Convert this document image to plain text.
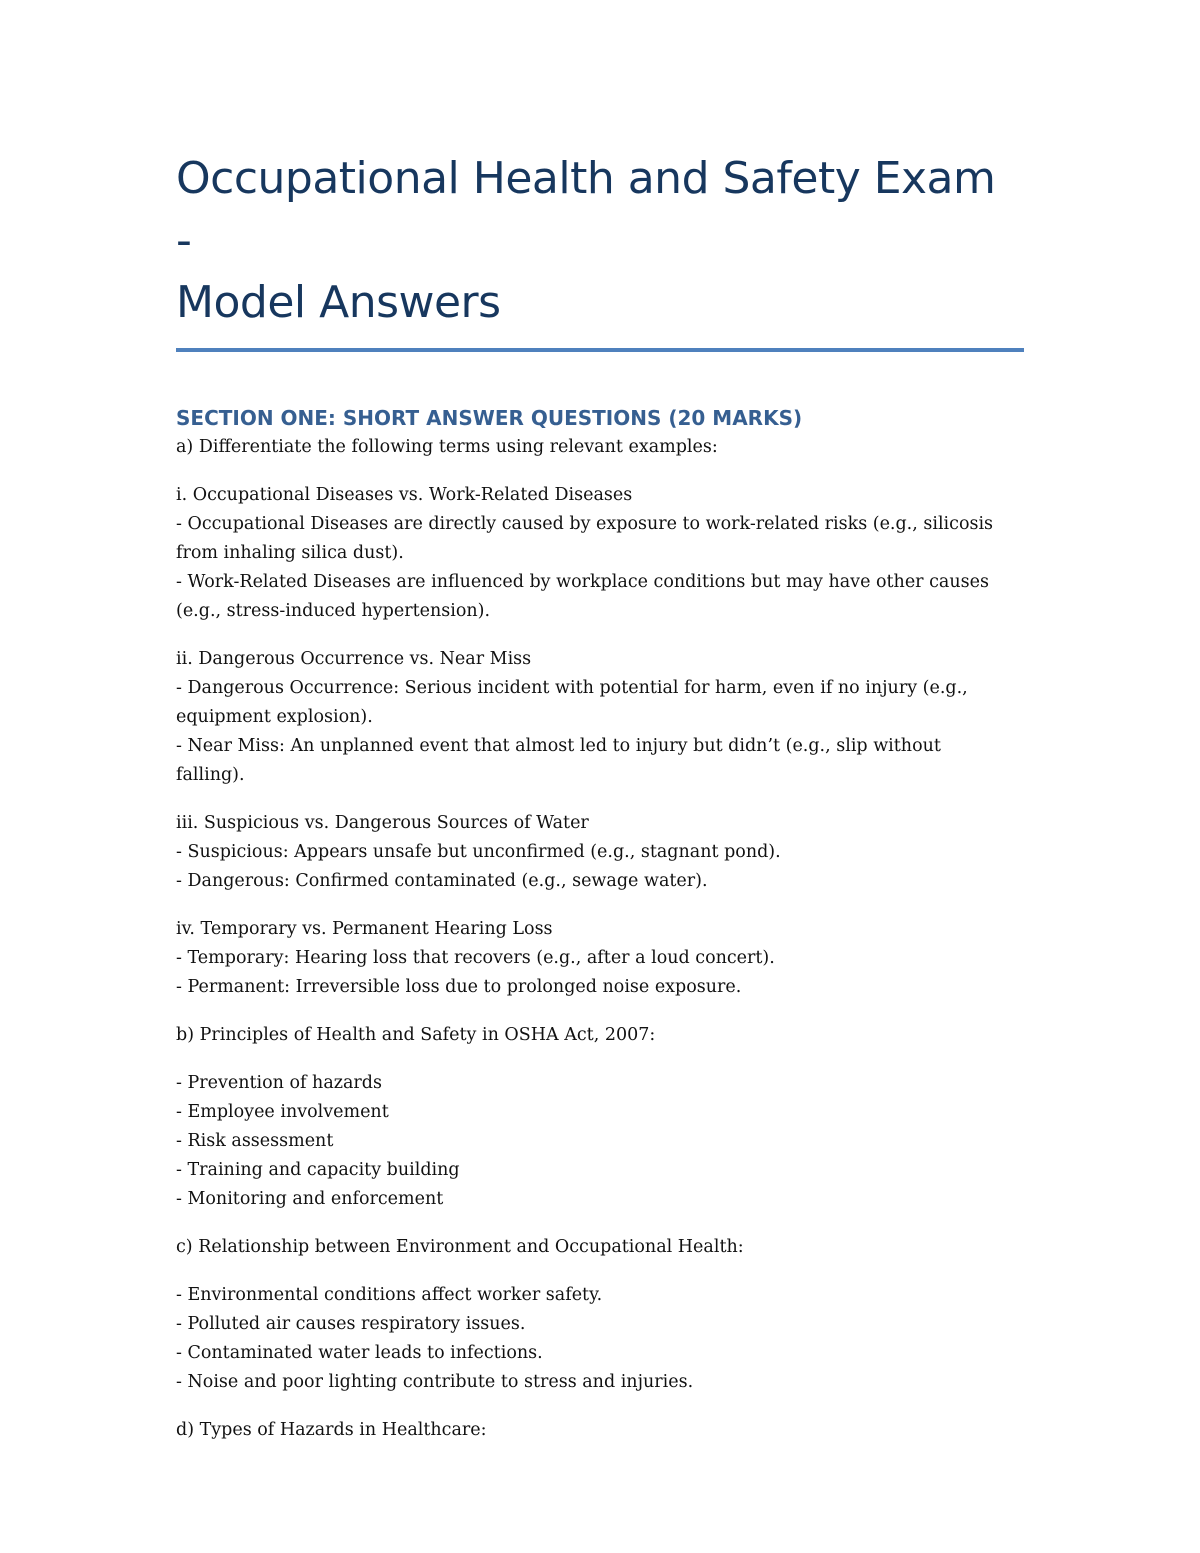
Occupational Health and Safety Exam -
Model Answers
SECTION ONE: SHORT ANSWER QUESTIONS (20 MARKS)

a) Differentiate the following terms using relevant examples:

i. Occupational Diseases vs. Work-Related Diseases

- Occupational Diseases are directly caused by exposure to work-related risks (e.g., silicosis

from inhaling silica dust).

- Work-Related Diseases are influenced by workplace conditions but may have other causes

(e.g., stress-induced hypertension).

ii. Dangerous Occurrence vs. Near Miss

- Dangerous Occurrence: Serious incident with potential for harm, even if no injury (e.g.,

equipment explosion).

- Near Miss: An unplanned event that almost led to injury but didn’t (e.g., slip without

falling).

iii. Suspicious vs. Dangerous Sources of Water

- Suspicious: Appears unsafe but unconfirmed (e.g., stagnant pond).

- Dangerous: Confirmed contaminated (e.g., sewage water).

iv. Temporary vs. Permanent Hearing Loss

- Temporary: Hearing loss that recovers (e.g., after a loud concert).

- Permanent: Irreversible loss due to prolonged noise exposure.

b) Principles of Health and Safety in OSHA Act, 2007:

- Prevention of hazards

- Employee involvement

- Risk assessment

- Training and capacity building

- Monitoring and enforcement

c) Relationship between Environment and Occupational Health:

- Environmental conditions affect worker safety.

- Polluted air causes respiratory issues.

- Contaminated water leads to infections.

- Noise and poor lighting contribute to stress and injuries.

d) Types of Hazards in Healthcare:
